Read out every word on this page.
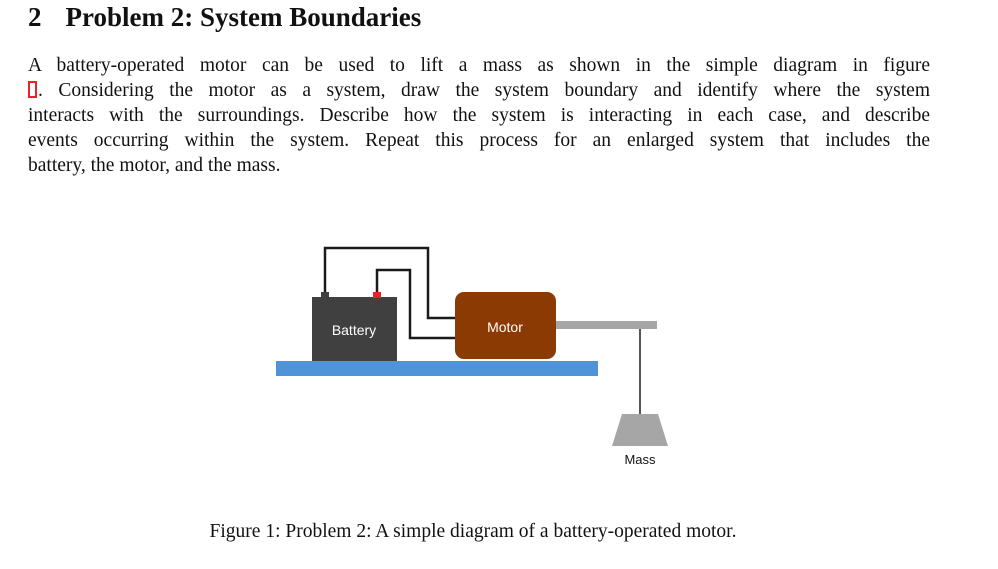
2 Problem 2: System Boundaries

A battery-operated motor can be used to lift a mass as shown in the simple diagram in figure
. Considering the motor as a system, draw the system boundary and identify where the system
interacts with the surroundings. Describe how the system is interacting in each case, and describe
events occurring within the system. Repeat this process for an enlarged system that includes the
battery, the motor, and the mass.

Battery	Motor
Mass
Figure 1: Problem 2: A simple diagram of a battery-operated motor.
